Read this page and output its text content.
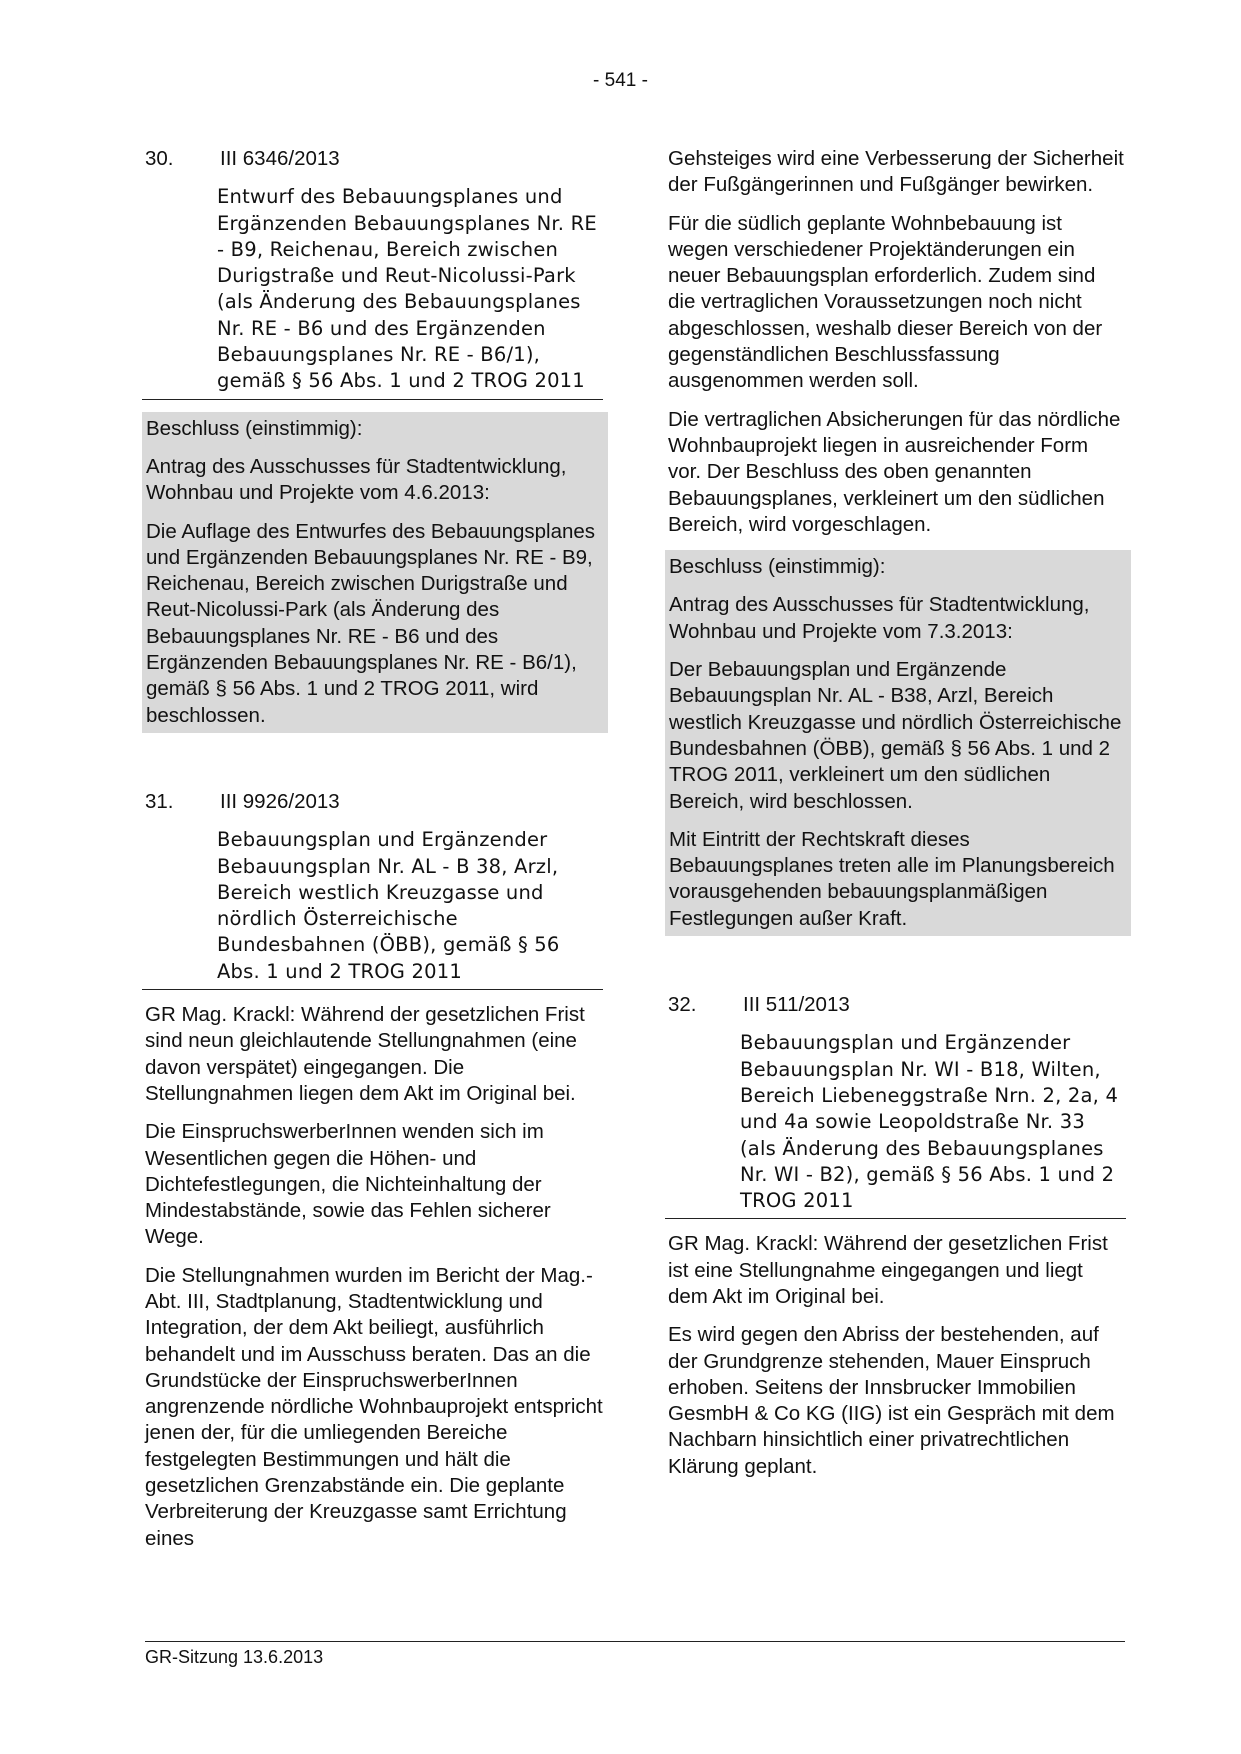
- 541 -
30.	III 6346/2013
Entwurf des Bebauungsplanes und Ergänzenden Bebauungsplanes Nr. RE - B9, Reichenau, Bereich zwischen Durigstraße und Reut-Nicolussi-Park (als Änderung des Bebauungsplanes Nr. RE - B6 und des Ergänzenden Bebauungsplanes Nr. RE - B6/1), gemäß § 56 Abs. 1 und 2 TROG 2011

Beschluss (einstimmig):

Antrag des Ausschusses für Stadtentwicklung, Wohnbau und Projekte vom 4.6.2013:

Die Auflage des Entwurfes des Bebauungsplanes und Ergänzenden Bebauungsplanes Nr. RE - B9, Reichenau, Bereich zwischen Durigstraße und Reut-Nicolussi-Park (als Änderung des Bebauungsplanes Nr. RE - B6 und des Ergänzenden Bebauungsplanes Nr. RE - B6/1), gemäß § 56 Abs. 1 und 2 TROG 2011, wird beschlossen.

31.	III 9926/2013
Bebauungsplan und Ergänzender Bebauungsplan Nr. AL - B 38, Arzl, Bereich westlich Kreuzgasse und nördlich Österreichische Bundesbahnen (ÖBB), gemäß § 56 Abs. 1 und 2 TROG 2011

GR Mag. Krackl: Während der gesetzlichen Frist sind neun gleichlautende Stellungnahmen (eine davon verspätet) eingegangen. Die Stellungnahmen liegen dem Akt im Original bei.

Die EinspruchswerberInnen wenden sich im Wesentlichen gegen die Höhen- und Dichtefestlegungen, die Nichteinhaltung der Mindestabstände, sowie das Fehlen sicherer Wege.

Die Stellungnahmen wurden im Bericht der Mag.-Abt. III, Stadtplanung, Stadtentwicklung und Integration, der dem Akt beiliegt, ausführlich behandelt und im Ausschuss beraten. Das an die Grundstücke der EinspruchswerberInnen angrenzende nördliche Wohnbauprojekt entspricht jenen der, für die umliegenden Bereiche festgelegten Bestimmungen und hält die gesetzlichen Grenzabstände ein. Die geplante Verbreiterung der Kreuzgasse samt Errichtung eines

Gehsteiges wird eine Verbesserung der Sicherheit der Fußgängerinnen und Fußgänger bewirken.

Für die südlich geplante Wohnbebauung ist wegen verschiedener Projektänderungen ein neuer Bebauungsplan erforderlich. Zudem sind die vertraglichen Voraussetzungen noch nicht abgeschlossen, weshalb dieser Bereich von der gegenständlichen Beschlussfassung ausgenommen werden soll.

Die vertraglichen Absicherungen für das nördliche Wohnbauprojekt liegen in ausreichender Form vor. Der Beschluss des oben genannten Bebauungsplanes, verkleinert um den südlichen Bereich, wird vorgeschlagen.

Beschluss (einstimmig):

Antrag des Ausschusses für Stadtentwicklung, Wohnbau und Projekte vom 7.3.2013:

Der Bebauungsplan und Ergänzende Bebauungsplan Nr. AL - B38, Arzl, Bereich westlich Kreuzgasse und nördlich Österreichische Bundesbahnen (ÖBB), gemäß § 56 Abs. 1 und 2 TROG 2011, verkleinert um den südlichen Bereich, wird beschlossen.

Mit Eintritt der Rechtskraft dieses Bebauungsplanes treten alle im Planungsbereich vorausgehenden bebauungsplanmäßigen Festlegungen außer Kraft.

32.	III 511/2013
Bebauungsplan und Ergänzender Bebauungsplan Nr. WI - B18, Wilten, Bereich Liebeneggstraße Nrn. 2, 2a, 4 und 4a sowie Leopoldstraße Nr. 33 (als Änderung des Bebauungsplanes Nr. WI - B2), gemäß § 56 Abs. 1 und 2 TROG 2011

GR Mag. Krackl: Während der gesetzlichen Frist ist eine Stellungnahme eingegangen und liegt dem Akt im Original bei.

Es wird gegen den Abriss der bestehenden, auf der Grundgrenze stehenden, Mauer Einspruch erhoben. Seitens der Innsbrucker Immobilien GesmbH & Co KG (IIG) ist ein Gespräch mit dem Nachbarn hinsichtlich einer privatrechtlichen Klärung geplant.

GR-Sitzung 13.6.2013
